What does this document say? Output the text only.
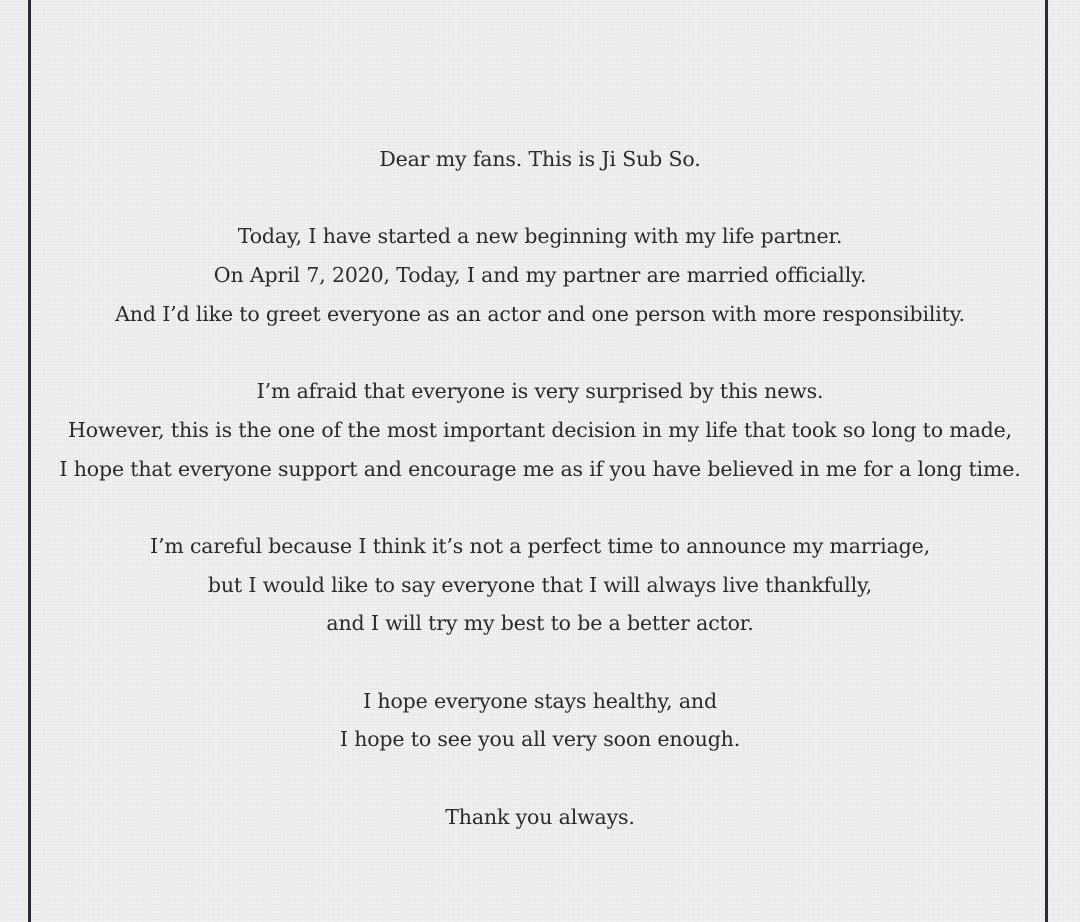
Dear my fans. This is Ji Sub So.

Today, I have started a new beginning with my life partner.
On April 7, 2020, Today, I and my partner are married officially.
And I’d like to greet everyone as an actor and one person with more responsibility.

I’m afraid that everyone is very surprised by this news.
However, this is the one of the most important decision in my life that took so long to made,
I hope that everyone support and encourage me as if you have believed in me for a long time.

I’m careful because I think it’s not a perfect time to announce my marriage,
but I would like to say everyone that I will always live thankfully,
and I will try my best to be a better actor.

I hope everyone stays healthy, and
I hope to see you all very soon enough.

Thank you always.
